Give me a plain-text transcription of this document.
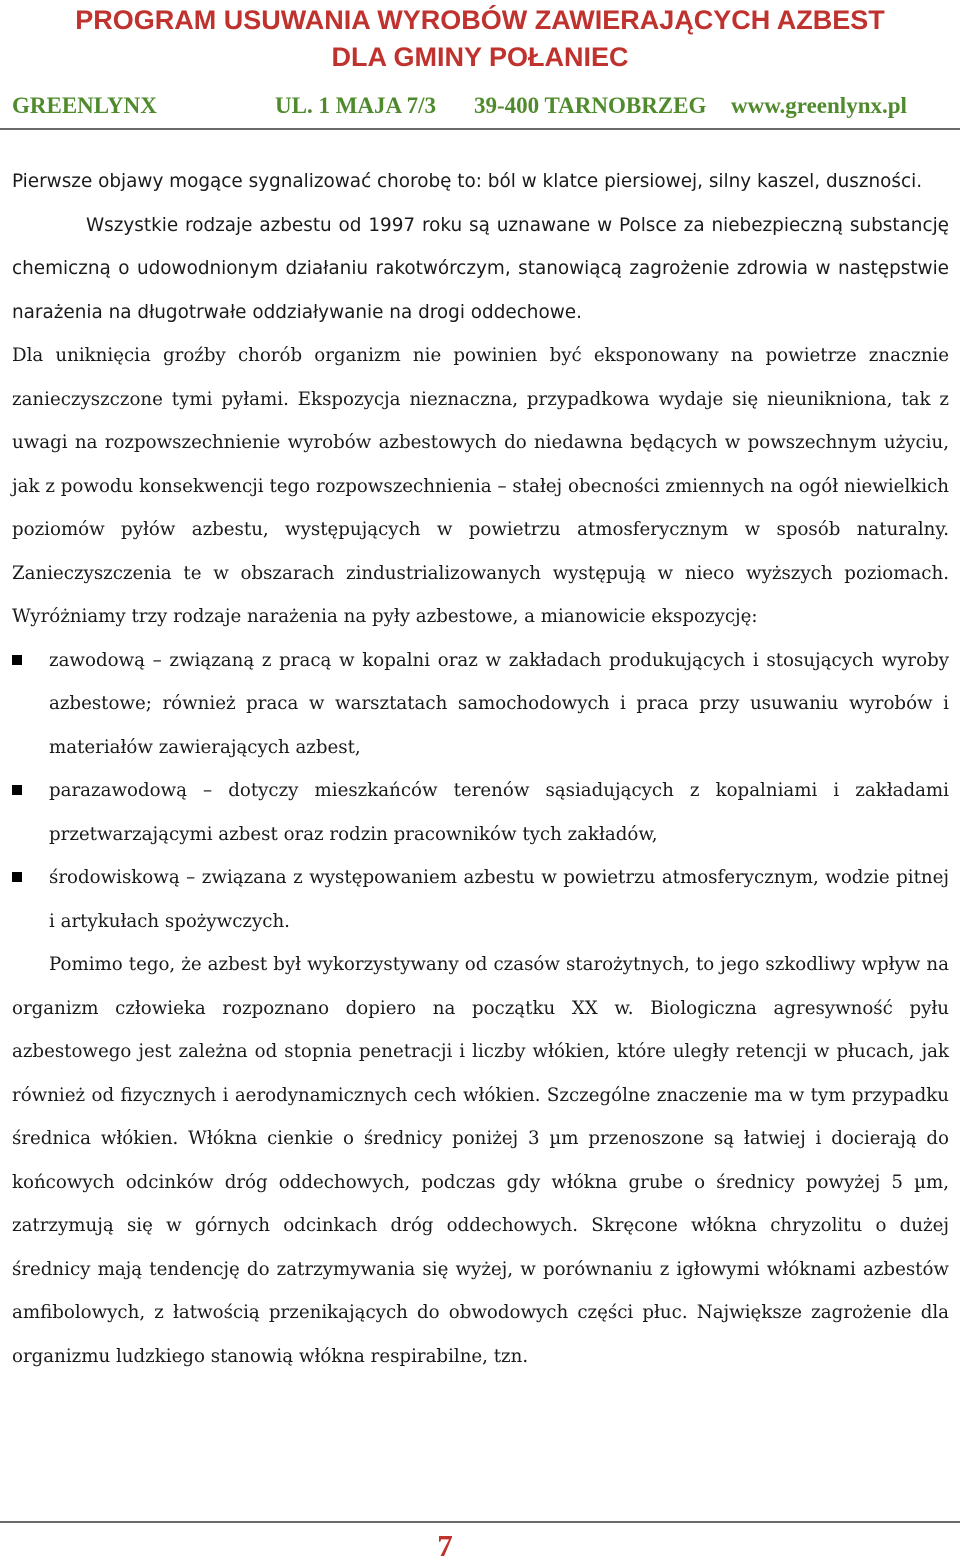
PROGRAM USUWANIA WYROBÓW ZAWIERAJĄCYCH AZBEST

DLA GMINY POŁANIEC

GREENLYNX	UL. 1 MAJA 7/3 39-400 TARNOBRZEG www.greenlynx.pl

Pierwsze objawy mogące sygnalizować chorobę to: ból w klatce piersiowej, silny kaszel, duszności.

Wszystkie rodzaje azbestu od 1997 roku są uznawane w Polsce za niebezpieczną substancję chemiczną o udowodnionym działaniu rakotwórczym, stanowiącą zagrożenie zdrowia w następstwie narażenia na długotrwałe oddziaływanie na drogi oddechowe.

Dla uniknięcia groźby chorób organizm nie powinien być eksponowany na powietrze znacznie zanieczyszczone tymi pyłami. Ekspozycja nieznaczna, przypadkowa wydaje się nieunikniona, tak z uwagi na rozpowszechnienie wyrobów azbestowych do niedawna będących w powszechnym użyciu, jak z powodu konsekwencji tego rozpowszechnienia – stałej obecności zmiennych na ogół niewielkich poziomów pyłów azbestu, występujących w powietrzu atmosferycznym w sposób naturalny. Zanieczyszczenia te w obszarach zindustrializowanych występują w nieco wyższych poziomach. Wyróżniamy trzy rodzaje narażenia na pyły azbestowe, a mianowicie ekspozycję:

zawodową – związaną z pracą w kopalni oraz w zakładach produkujących i stosujących wyroby azbestowe; również praca w warsztatach samochodowych i praca przy usuwaniu wyrobów i materiałów zawierających azbest,
parazawodową – dotyczy mieszkańców terenów sąsiadujących z kopalniami i zakładami przetwarzającymi azbest oraz rodzin pracowników tych zakładów,
środowiskową – związana z występowaniem azbestu w powietrzu atmosferycznym, wodzie pitnej i artykułach spożywczych.

Pomimo tego, że azbest był wykorzystywany od czasów starożytnych, to jego szkodliwy wpływ na organizm człowieka rozpoznano dopiero na początku XX w. Biologiczna agresywność pyłu azbestowego jest zależna od stopnia penetracji i liczby włókien, które uległy retencji w płucach, jak również od fizycznych i aerodynamicznych cech włókien. Szczególne znaczenie ma w tym przypadku średnica włókien. Włókna cienkie o średnicy poniżej 3 µm przenoszone są łatwiej i docierają do końcowych odcinków dróg oddechowych, podczas gdy włókna grube o średnicy powyżej 5 µm, zatrzymują się w górnych odcinkach dróg oddechowych. Skręcone włókna chryzolitu o dużej średnicy mają tendencję do zatrzymywania się wyżej, w porównaniu z igłowymi włóknami azbestów amfibolowych, z łatwością przenikających do obwodowych części płuc. Największe zagrożenie dla organizmu ludzkiego stanowią włókna respirabilne, tzn.

7
